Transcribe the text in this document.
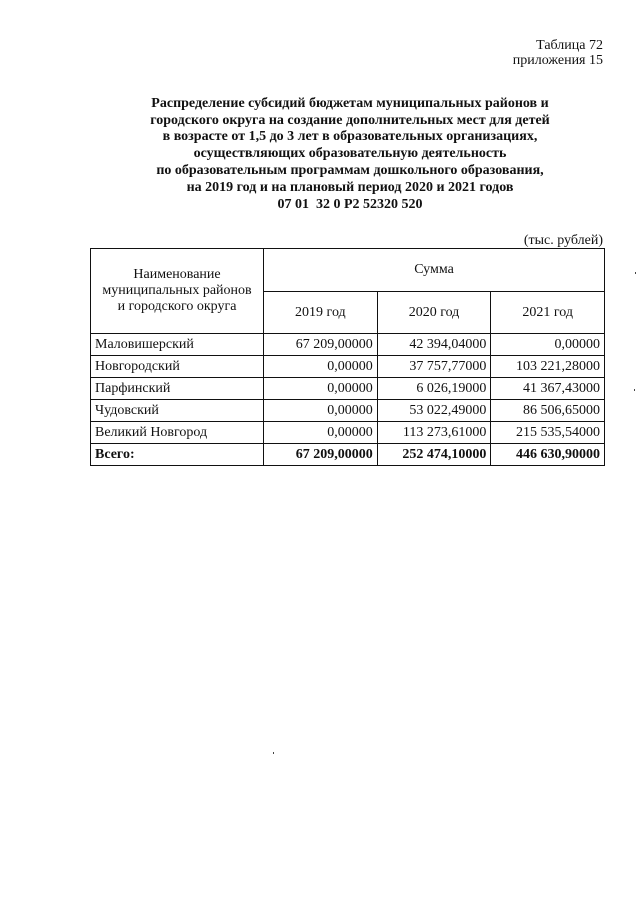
Таблица 72
приложения 15
Распределение субсидий бюджетам муниципальных районов и
городского округа на создание дополнительных мест для детей
в возрасте от 1,5 до 3 лет в образовательных организациях,
осуществляющих образовательную деятельность
по образовательным программам дошкольного образования,
на 2019 год и на плановый период 2020 и 2021 годов
07 01  32 0 Р2 52320 520
(тыс. рублей)
Наименование
муниципальных районов
и городского округа	Сумма		
	2019 год	2020 год	2021 год
Маловишерский	67 209,00000	42 394,04000	0,00000
Новгородский	0,00000	37 757,77000	103 221,28000
Парфинский	0,00000	6 026,19000	41 367,43000
Чудовский	0,00000	53 022,49000	86 506,65000
Великий Новгород	0,00000	113 273,61000	215 535,54000
Всего:	67 209,00000	252 474,10000	446 630,90000
